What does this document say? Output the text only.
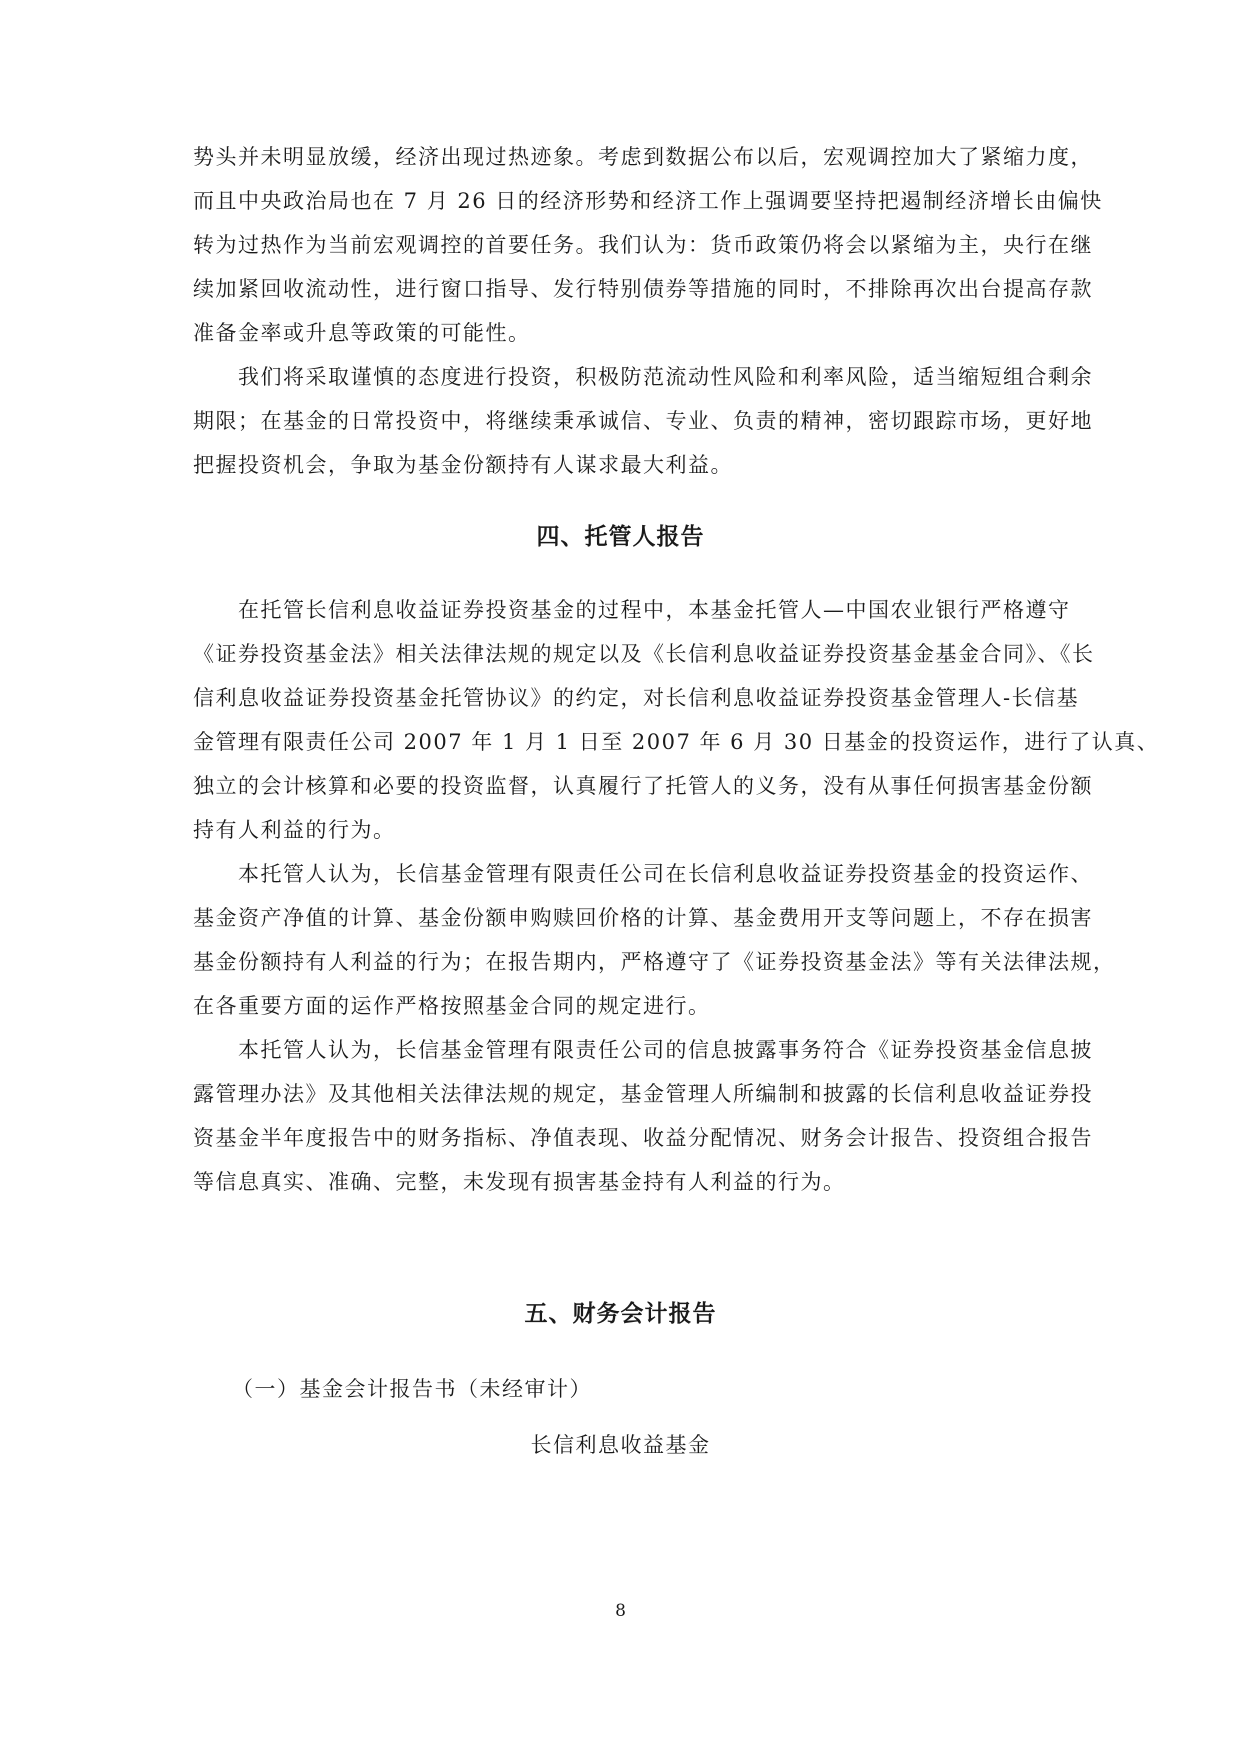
势头并未明显放缓，经济出现过热迹象。考虑到数据公布以后，宏观调控加大了紧缩力度，
而且中央政治局也在 7 月 26 日的经济形势和经济工作上强调要坚持把遏制经济增长由偏快
转为过热作为当前宏观调控的首要任务。我们认为：货币政策仍将会以紧缩为主，央行在继
续加紧回收流动性，进行窗口指导、发行特别债券等措施的同时，不排除再次出台提高存款
准备金率或升息等政策的可能性。
　　我们将采取谨慎的态度进行投资，积极防范流动性风险和利率风险，适当缩短组合剩余
期限；在基金的日常投资中，将继续秉承诚信、专业、负责的精神，密切跟踪市场，更好地
把握投资机会，争取为基金份额持有人谋求最大利益。
四、托管人报告
　　在托管长信利息收益证券投资基金的过程中，本基金托管人—中国农业银行严格遵守
《证券投资基金法》相关法律法规的规定以及《长信利息收益证券投资基金基金合同》、《长
信利息收益证券投资基金托管协议》的约定，对长信利息收益证券投资基金管理人-长信基
金管理有限责任公司 2007 年 1 月 1 日至 2007 年 6 月 30 日基金的投资运作，进行了认真、
独立的会计核算和必要的投资监督，认真履行了托管人的义务，没有从事任何损害基金份额
持有人利益的行为。
　　本托管人认为，长信基金管理有限责任公司在长信利息收益证券投资基金的投资运作、
基金资产净值的计算、基金份额申购赎回价格的计算、基金费用开支等问题上，不存在损害
基金份额持有人利益的行为；在报告期内，严格遵守了《证券投资基金法》等有关法律法规，
在各重要方面的运作严格按照基金合同的规定进行。
　　本托管人认为，长信基金管理有限责任公司的信息披露事务符合《证券投资基金信息披
露管理办法》及其他相关法律法规的规定，基金管理人所编制和披露的长信利息收益证券投
资基金半年度报告中的财务指标、净值表现、收益分配情况、财务会计报告、投资组合报告
等信息真实、准确、完整，未发现有损害基金持有人利益的行为。
五、财务会计报告
（一）基金会计报告书（未经审计）
长信利息收益基金
8
